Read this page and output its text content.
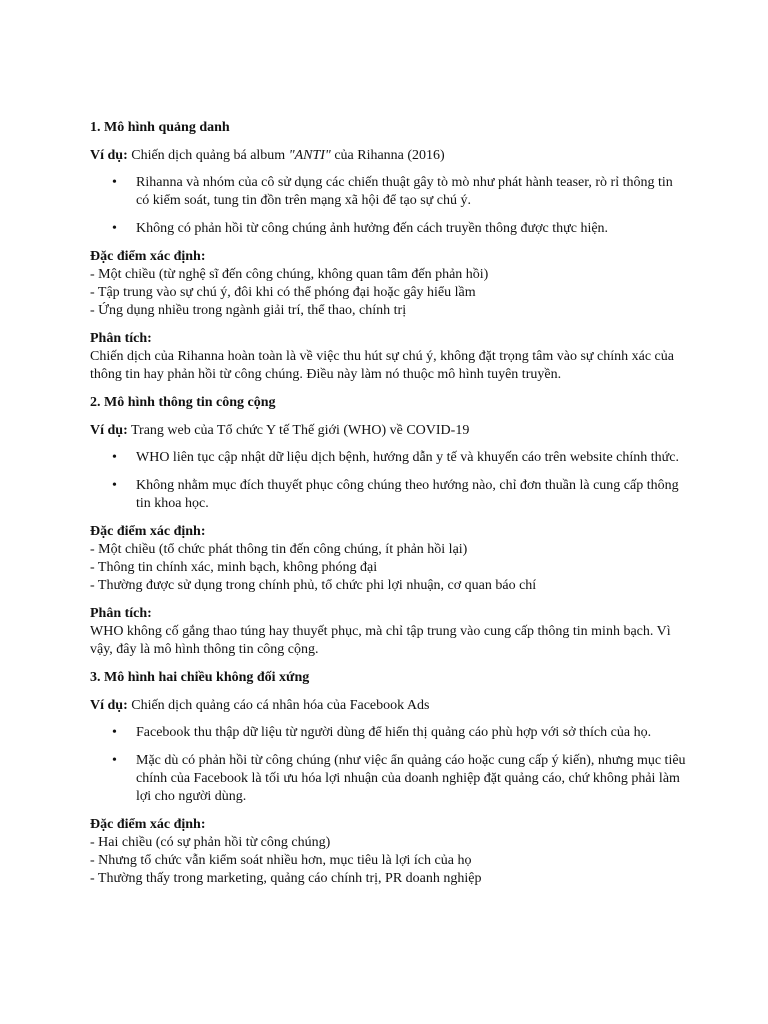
1. Mô hình quảng danh
Ví dụ: Chiến dịch quảng bá album "ANTI" của Rihanna (2016)
• Rihanna và nhóm của cô sử dụng các chiến thuật gây tò mò như phát hành teaser, rò rỉ thông tin
có kiểm soát, tung tin đồn trên mạng xã hội để tạo sự chú ý.
• Không có phản hồi từ công chúng ảnh hưởng đến cách truyền thông được thực hiện.
Đặc điểm xác định:
- Một chiều (từ nghệ sĩ đến công chúng, không quan tâm đến phản hồi)
- Tập trung vào sự chú ý, đôi khi có thể phóng đại hoặc gây hiểu lầm
- Ứng dụng nhiều trong ngành giải trí, thể thao, chính trị
Phân tích:
Chiến dịch của Rihanna hoàn toàn là về việc thu hút sự chú ý, không đặt trọng tâm vào sự chính xác của
thông tin hay phản hồi từ công chúng. Điều này làm nó thuộc mô hình tuyên truyền.
2. Mô hình thông tin công cộng
Ví dụ: Trang web của Tổ chức Y tế Thế giới (WHO) về COVID-19
• WHO liên tục cập nhật dữ liệu dịch bệnh, hướng dẫn y tế và khuyến cáo trên website chính thức.
• Không nhằm mục đích thuyết phục công chúng theo hướng nào, chỉ đơn thuần là cung cấp thông
tin khoa học.
Đặc điểm xác định:
- Một chiều (tổ chức phát thông tin đến công chúng, ít phản hồi lại)
- Thông tin chính xác, minh bạch, không phóng đại
- Thường được sử dụng trong chính phủ, tổ chức phi lợi nhuận, cơ quan báo chí
Phân tích:
WHO không cố gắng thao túng hay thuyết phục, mà chỉ tập trung vào cung cấp thông tin minh bạch. Vì
vậy, đây là mô hình thông tin công cộng.
3. Mô hình hai chiều không đối xứng
Ví dụ: Chiến dịch quảng cáo cá nhân hóa của Facebook Ads
• Facebook thu thập dữ liệu từ người dùng để hiển thị quảng cáo phù hợp với sở thích của họ.
• Mặc dù có phản hồi từ công chúng (như việc ẩn quảng cáo hoặc cung cấp ý kiến), nhưng mục tiêu
chính của Facebook là tối ưu hóa lợi nhuận của doanh nghiệp đặt quảng cáo, chứ không phải làm
lợi cho người dùng.
Đặc điểm xác định:
- Hai chiều (có sự phản hồi từ công chúng)
- Nhưng tổ chức vẫn kiểm soát nhiều hơn, mục tiêu là lợi ích của họ
- Thường thấy trong marketing, quảng cáo chính trị, PR doanh nghiệp
